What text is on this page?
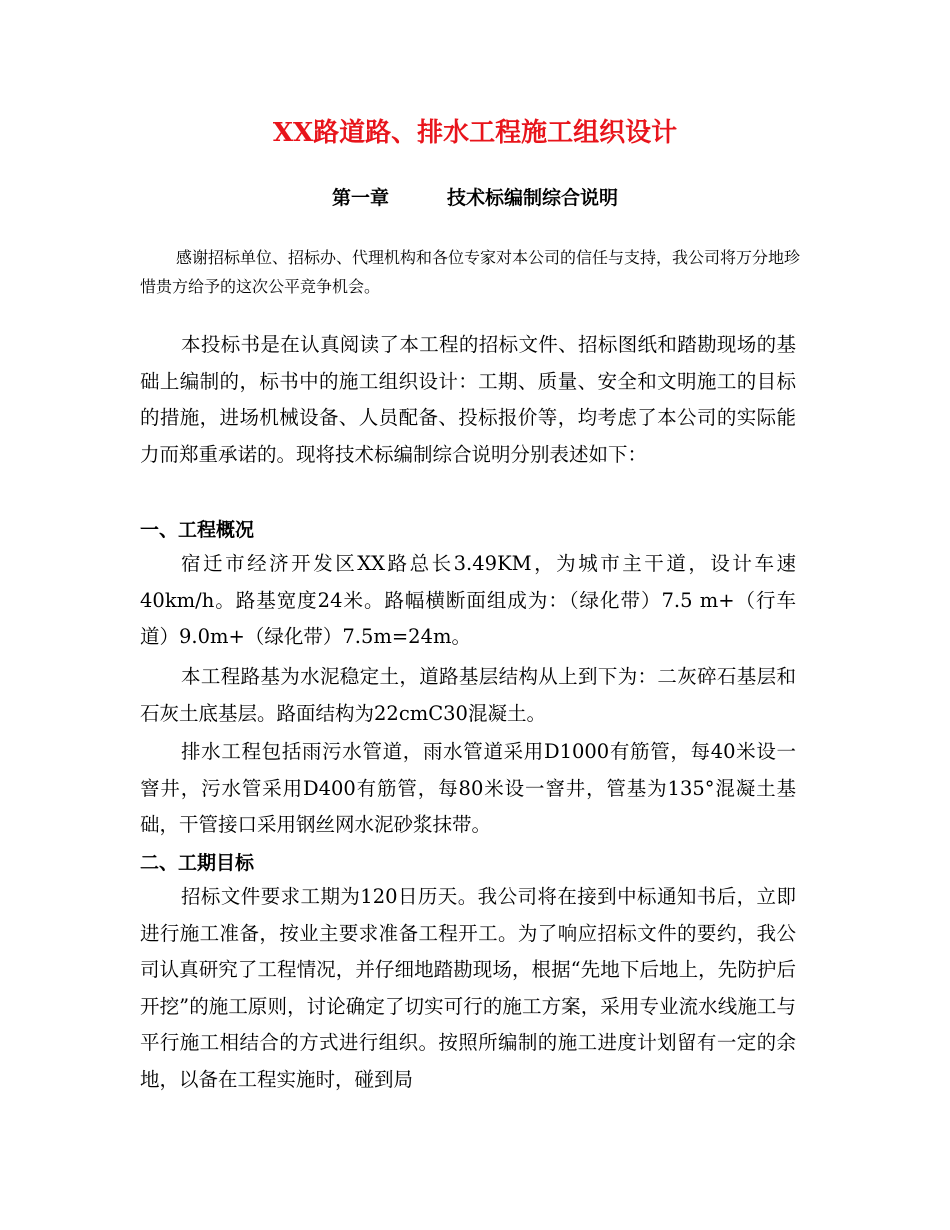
XX路道路、排水工程施工组织设计
第一章	技术标编制综合说明
感谢招标单位、招标办、代理机构和各位专家对本公司的信任与支持，我公司将万分地珍惜贵方给予的这次公平竞争机会。
本投标书是在认真阅读了本工程的招标文件、招标图纸和踏勘现场的基础上编制的，标书中的施工组织设计：工期、质量、安全和文明施工的目标的措施，进场机械设备、人员配备、投标报价等，均考虑了本公司的实际能力而郑重承诺的。现将技术标编制综合说明分别表述如下：
一、工程概况
宿迁市经济开发区XX路总长3.49KM，为城市主干道，设计车速40km/h。路基宽度24米。路幅横断面组成为：（绿化带）7.5 m+（行车道）9.0m+（绿化带）7.5m=24m。
本工程路基为水泥稳定土，道路基层结构从上到下为：二灰碎石基层和石灰土底基层。路面结构为22cmC30混凝土。
排水工程包括雨污水管道，雨水管道采用D1000有筋管，每40米设一窨井，污水管采用D400有筋管，每80米设一窨井，管基为135°混凝土基础，干管接口采用钢丝网水泥砂浆抹带。
二、工期目标
招标文件要求工期为120日历天。我公司将在接到中标通知书后，立即进行施工准备，按业主要求准备工程开工。为了响应招标文件的要约，我公司认真研究了工程情况，并仔细地踏勘现场，根据“先地下后地上，先防护后开挖”的施工原则，讨论确定了切实可行的施工方案，采用专业流水线施工与平行施工相结合的方式进行组织。按照所编制的施工进度计划留有一定的余地，以备在工程实施时，碰到局
